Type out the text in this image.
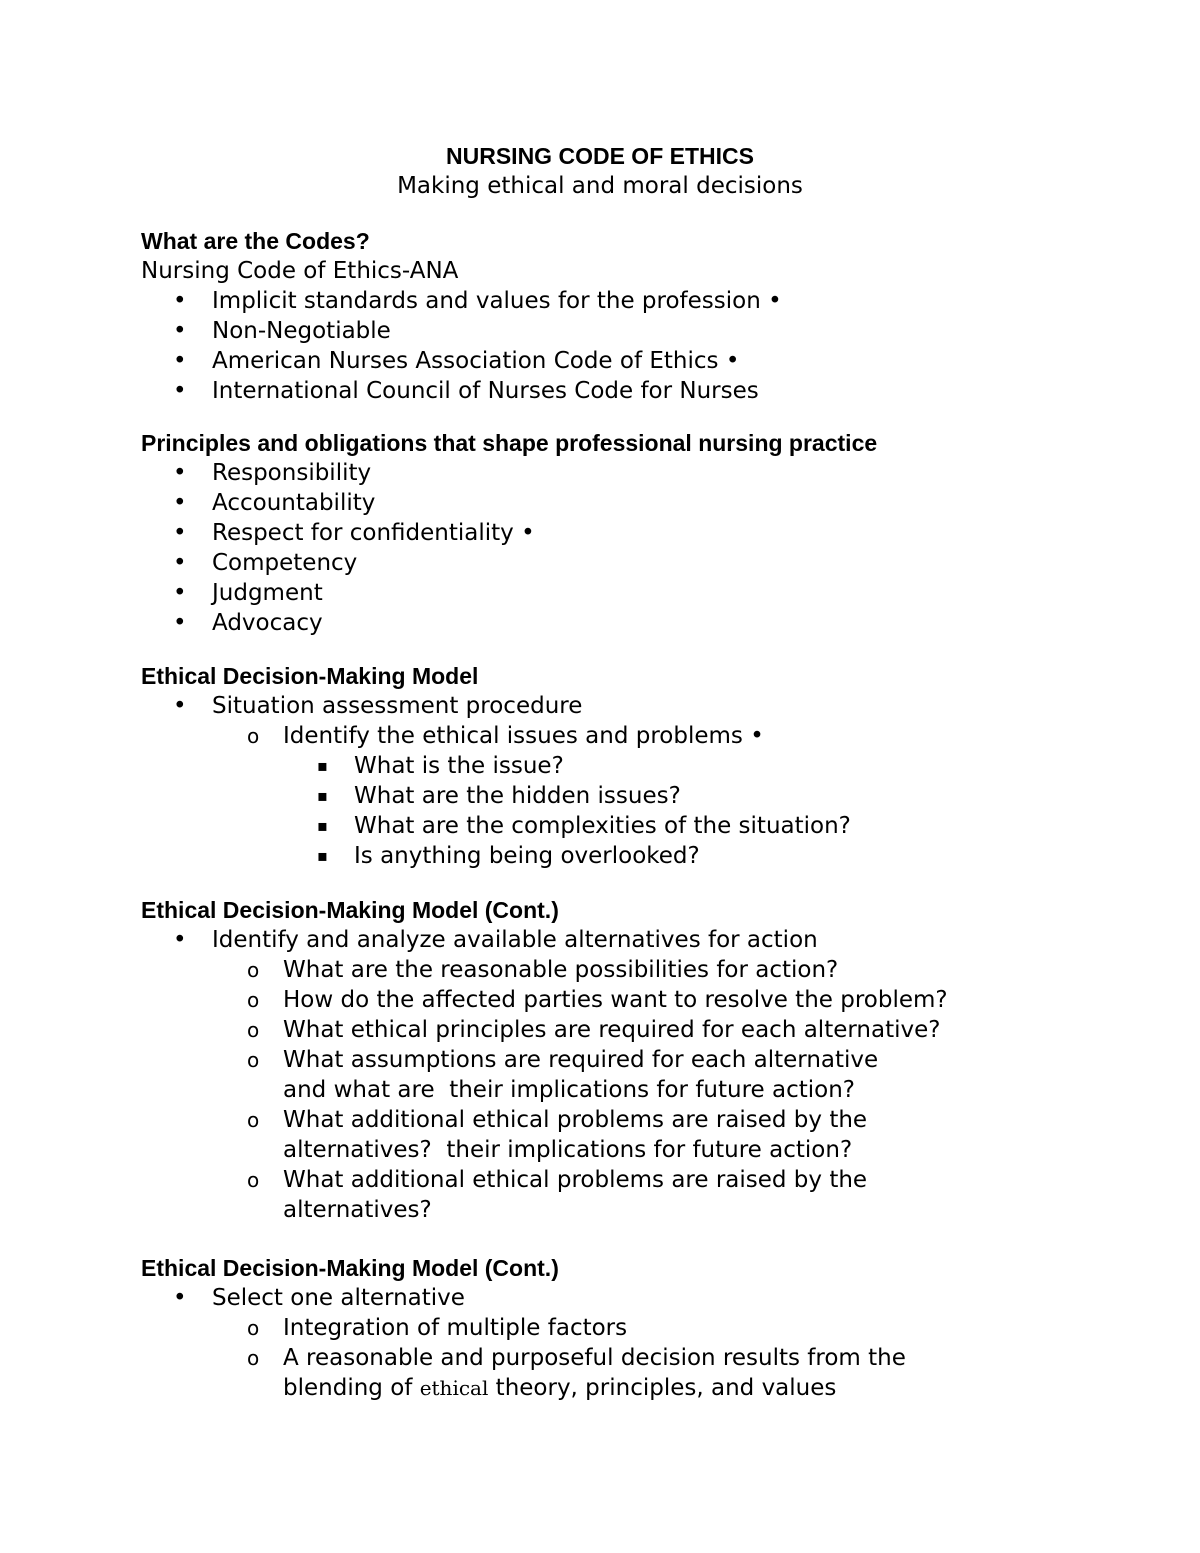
NURSING CODE OF ETHICS
Making ethical and moral decisions
What are the Codes?
Nursing Code of Ethics-ANA
• Implicit standards and values for the profession •
• Non-Negotiable
• American Nurses Association Code of Ethics •
• International Council of Nurses Code for Nurses
Principles and obligations that shape professional nursing practice
• Responsibility
• Accountability
• Respect for confidentiality •
• Competency
• Judgment
• Advocacy
Ethical Decision-Making Model
• Situation assessment procedure
o Identify the ethical issues and problems •
▪ What is the issue?
▪ What are the hidden issues?
▪ What are the complexities of the situation?
▪ Is anything being overlooked?
Ethical Decision-Making Model (Cont.)
• Identify and analyze available alternatives for action
o What are the reasonable possibilities for action?
o How do the affected parties want to resolve the problem?
o What ethical principles are required for each alternative?
o What assumptions are required for each alternative and what are  their implications for future action?
o What additional ethical problems are raised by the alternatives?  their implications for future action?
o What additional ethical problems are raised by the alternatives?
Ethical Decision-Making Model (Cont.)
• Select one alternative
o Integration of multiple factors
o A reasonable and purposeful decision results from the blending of ethical theory, principles, and values
